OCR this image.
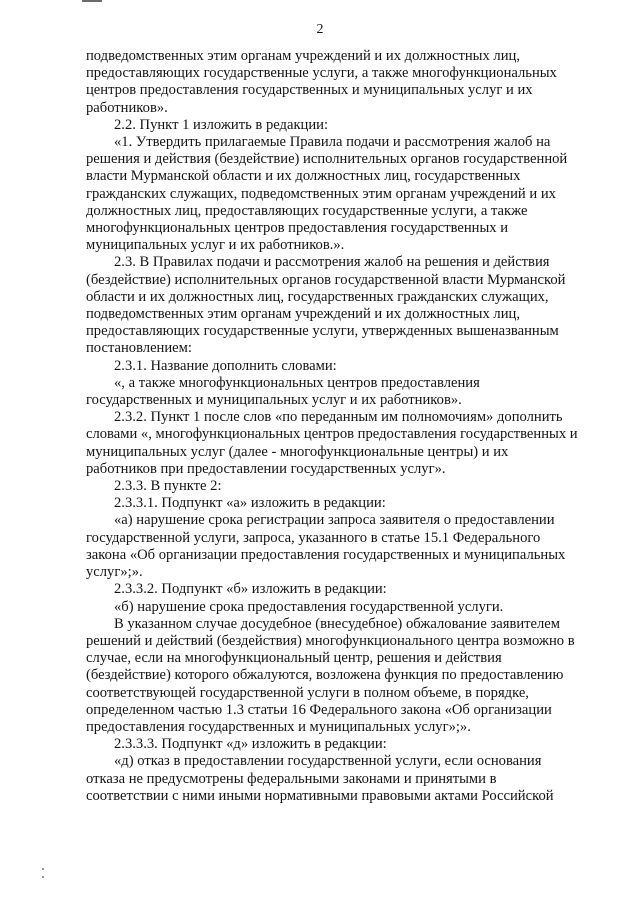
2

подведомственных этим органам учреждений и их должностных лиц,
предоставляющих государственные услуги, а также многофункциональных
центров предоставления государственных и муниципальных услуг и их
работников».

2.2. Пункт 1 изложить в редакции:

«1. Утвердить прилагаемые Правила подачи и рассмотрения жалоб на
решения и действия (бездействие) исполнительных органов государственной
власти Мурманской области и их должностных лиц, государственных
гражданских служащих, подведомственных этим органам учреждений и их
должностных лиц, предоставляющих государственные услуги, а также
многофункциональных центров предоставления государственных и
муниципальных услуг и их работников.».

2.3. В Правилах подачи и рассмотрения жалоб на решения и действия
(бездействие) исполнительных органов государственной власти Мурманской
области и их должностных лиц, государственных гражданских служащих,
подведомственных этим органам учреждений и их должностных лиц,
предоставляющих государственные услуги, утвержденных вышеназванным
постановлением:

2.3.1. Название дополнить словами:

«, а также многофункциональных центров предоставления
государственных и муниципальных услуг и их работников».

2.3.2. Пункт 1 после слов «по переданным им полномочиям» дополнить
словами «, многофункциональных центров предоставления государственных и
муниципальных услуг (далее - многофункциональные центры) и их
работников при предоставлении государственных услуг».

2.3.3. В пункте 2:

2.3.3.1. Подпункт «а» изложить в редакции:

«а) нарушение срока регистрации запроса заявителя о предоставлении
государственной услуги, запроса, указанного в статье 15.1 Федерального
закона «Об организации предоставления государственных и муниципальных
услуг»;».

2.3.3.2. Подпункт «б» изложить в редакции:

«б) нарушение срока предоставления государственной услуги.

В указанном случае досудебное (внесудебное) обжалование заявителем
решений и действий (бездействия) многофункционального центра возможно в
случае, если на многофункциональный центр, решения и действия
(бездействие) которого обжалуются, возложена функция по предоставлению
соответствующей государственной услуги в полном объеме, в порядке,
определенном частью 1.3 статьи 16 Федерального закона «Об организации
предоставления государственных и муниципальных услуг»;».

2.3.3.3. Подпункт «д» изложить в редакции:

«д) отказ в предоставлении государственной услуги, если основания
отказа не предусмотрены федеральными законами и принятыми в
соответствии с ними иными нормативными правовыми актами Российской
